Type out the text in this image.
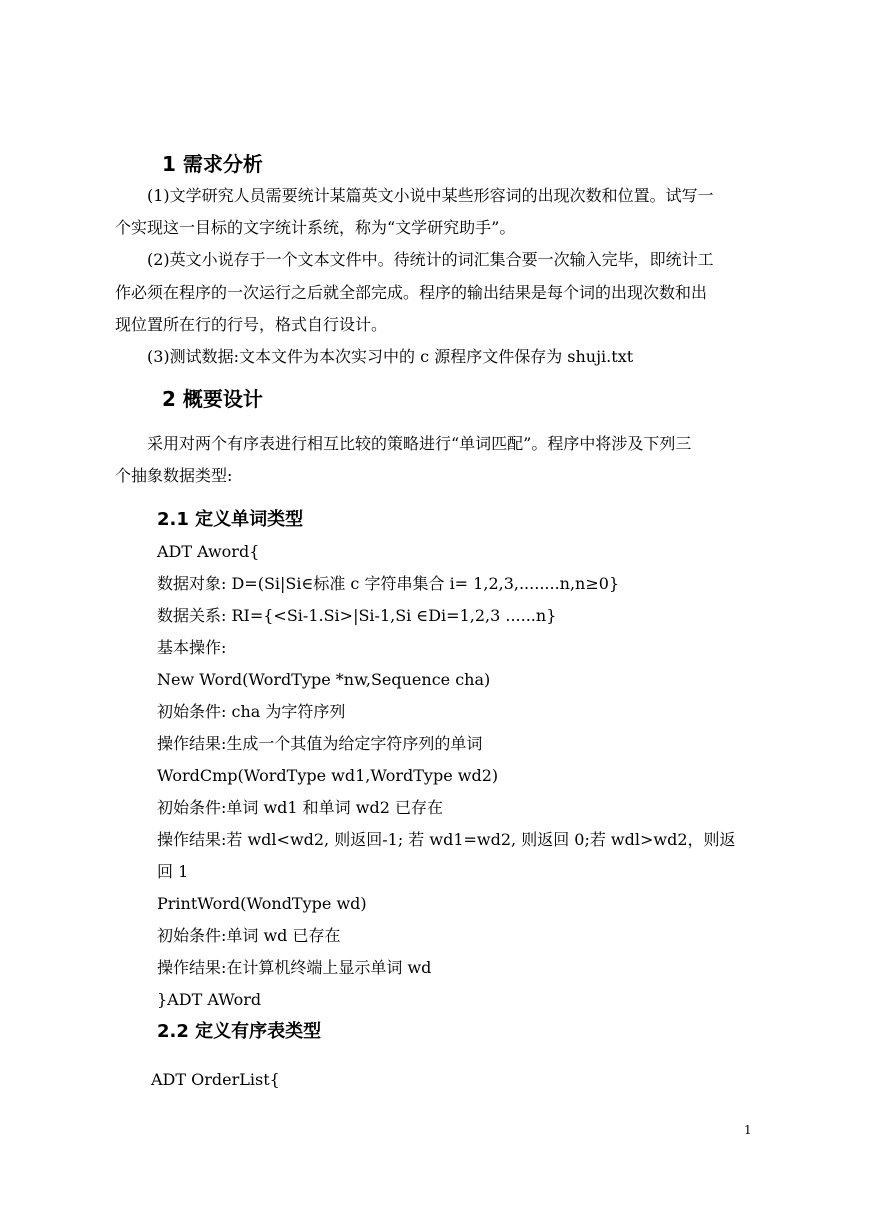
1 需求分析
(1)文学研究人员需要统计某篇英文小说中某些形容词的出现次数和位置。试写一
个实现这一目标的文字统计系统，称为“文学研究助手”。
(2)英文小说存于一个文本文件中。待统计的词汇集合要一次输入完毕，即统计工
作必须在程序的一次运行之后就全部完成。程序的输出结果是每个词的出现次数和出
现位置所在行的行号，格式自行设计。
(3)测试数据:文本文件为本次实习中的 c 源程序文件保存为 shuji.txt
2 概要设计
采用对两个有序表进行相互比较的策略进行“单词匹配”。程序中将涉及下列三
个抽象数据类型:
2.1 定义单词类型
ADT Aword{
数据对象: D=(Si|Si∈标准 c 字符串集合 i= 1,2,3,........n,n≥0}
数据关系: RI={<Si-1.Si>|Si-1,Si ∈Di=1,2,3 ......n}
基本操作:
New Word(WordType *nw,Sequence cha)
初始条件: cha 为字符序列
操作结果:生成一个其值为给定字符序列的单词
WordCmp(WordType wd1,WordType wd2)
初始条件:单词 wd1 和单词 wd2 已存在
操作结果:若 wdl<wd2, 则返回-1; 若 wd1=wd2, 则返回 0;若 wdl>wd2，则返
回 1
PrintWord(WondType wd)
初始条件:单词 wd 已存在
操作结果:在计算机终端上显示单词 wd
}ADT AWord
2.2 定义有序表类型
ADT OrderList{
1
